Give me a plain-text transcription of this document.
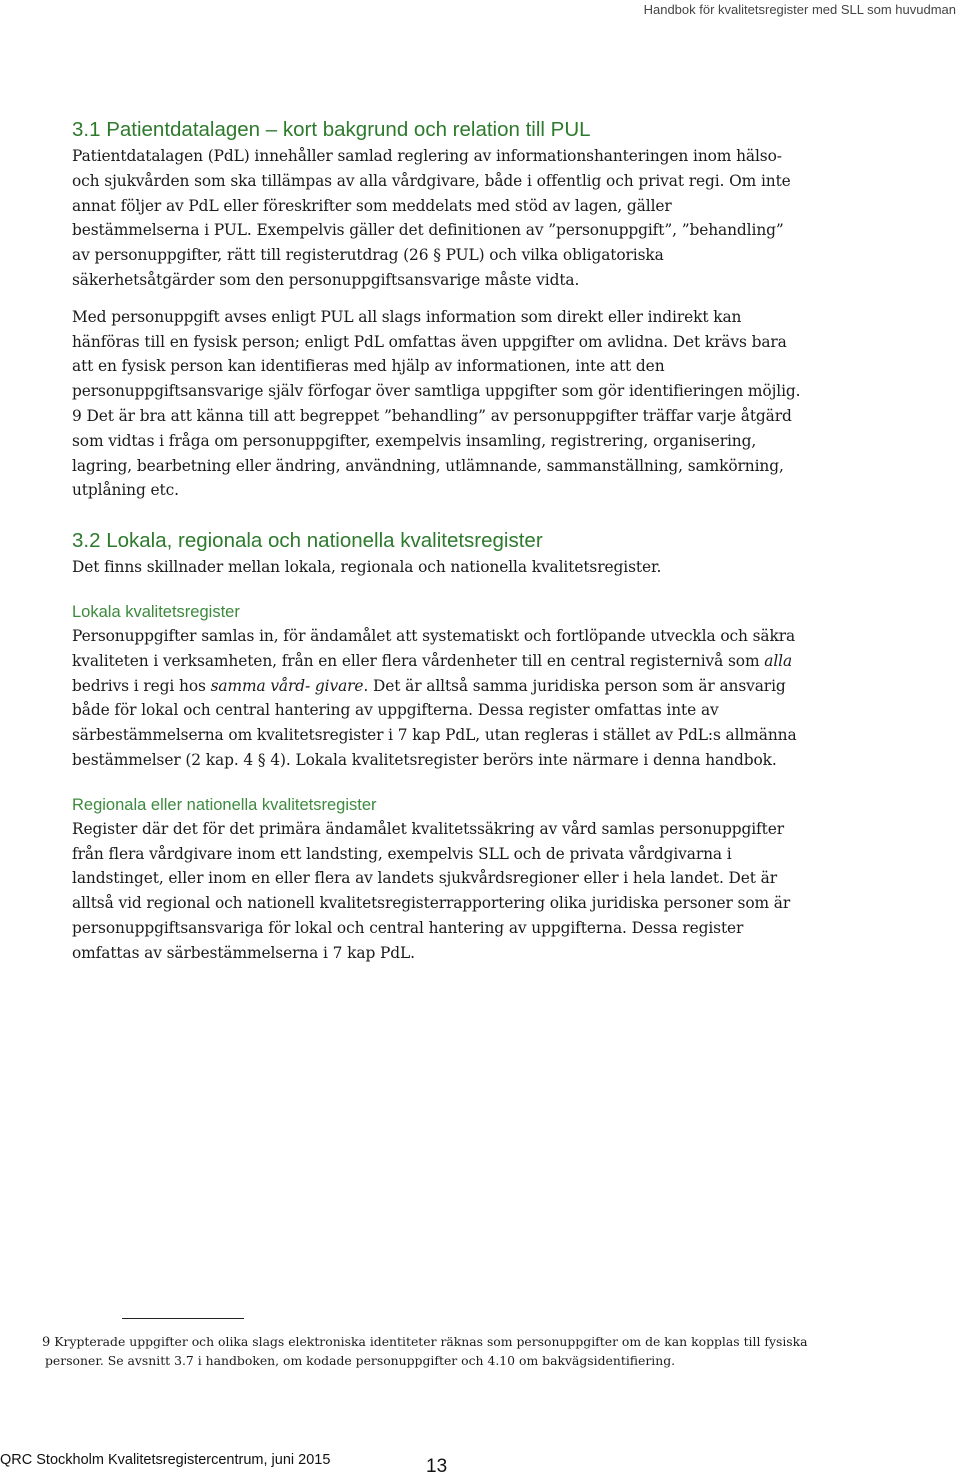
Handbok för kvalitetsregister med SLL som huvudman
3.1 Patientdatalagen – kort bakgrund och relation till PUL

Patientdatalagen (PdL) innehåller samlad reglering av informationshanteringen inom hälso- och sjukvården som ska tillämpas av alla vårdgivare, både i offentlig och privat regi. Om inte annat följer av PdL eller föreskrifter som meddelats med stöd av lagen, gäller bestämmelserna i PUL. Exempelvis gäller det definitionen av ”personuppgift”, ”behandling” av personuppgifter, rätt till registerutdrag (26 § PUL) och vilka obligatoriska säkerhetsåtgärder som den personuppgiftsansvarige måste vidta.

Med personuppgift avses enligt PUL all slags information som direkt eller indirekt kan hänföras till en fysisk person; enligt PdL omfattas även uppgifter om avlidna. Det krävs bara att en fysisk person kan identifieras med hjälp av informationen, inte att den personuppgiftsansvarige själv förfogar över samtliga uppgifter som gör identifieringen möjlig. 9 Det är bra att känna till att begreppet ”behandling” av personuppgifter träffar varje åtgärd som vidtas i fråga om personuppgifter, exempelvis insamling, registrering, organisering, lagring, bearbetning eller ändring, användning, utlämnande, sammanställning, samkörning, utplåning etc.

3.2 Lokala, regionala och nationella kvalitetsregister

Det finns skillnader mellan lokala, regionala och nationella kvalitetsregister.

Lokala kvalitetsregister

Personuppgifter samlas in, för ändamålet att systematiskt och fortlöpande utveckla och säkra kvaliteten i verksamheten, från en eller flera vårdenheter till en central registernivå som alla bedrivs i regi hos samma vård- givare. Det är alltså samma juridiska person som är ansvarig både för lokal och central hantering av uppgifterna. Dessa register omfattas inte av särbestämmelserna om kvalitetsregister i 7 kap PdL, utan regleras i stället av PdL:s allmänna bestämmelser (2 kap. 4 § 4). Lokala kvalitetsregister berörs inte närmare i denna handbok.

Regionala eller nationella kvalitetsregister

Register där det för det primära ändamålet kvalitetssäkring av vård samlas personuppgifter från flera vårdgivare inom ett landsting, exempelvis SLL och de privata vårdgivarna i landstinget, eller inom en eller flera av landets sjukvårdsregioner eller i hela landet. Det är alltså vid regional och nationell kvalitetsregisterrapportering olika juridiska personer som är personuppgiftsansvariga för lokal och central hantering av uppgifterna. Dessa register omfattas av särbestämmelserna i 7 kap PdL.

9 Krypterade uppgifter och olika slags elektroniska identiteter räknas som personuppgifter om de kan kopplas till fysiska
personer. Se avsnitt 3.7 i handboken, om kodade personuppgifter och 4.10 om bakvägsidentifiering.
QRC Stockholm Kvalitetsregistercentrum, juni 2015	13
